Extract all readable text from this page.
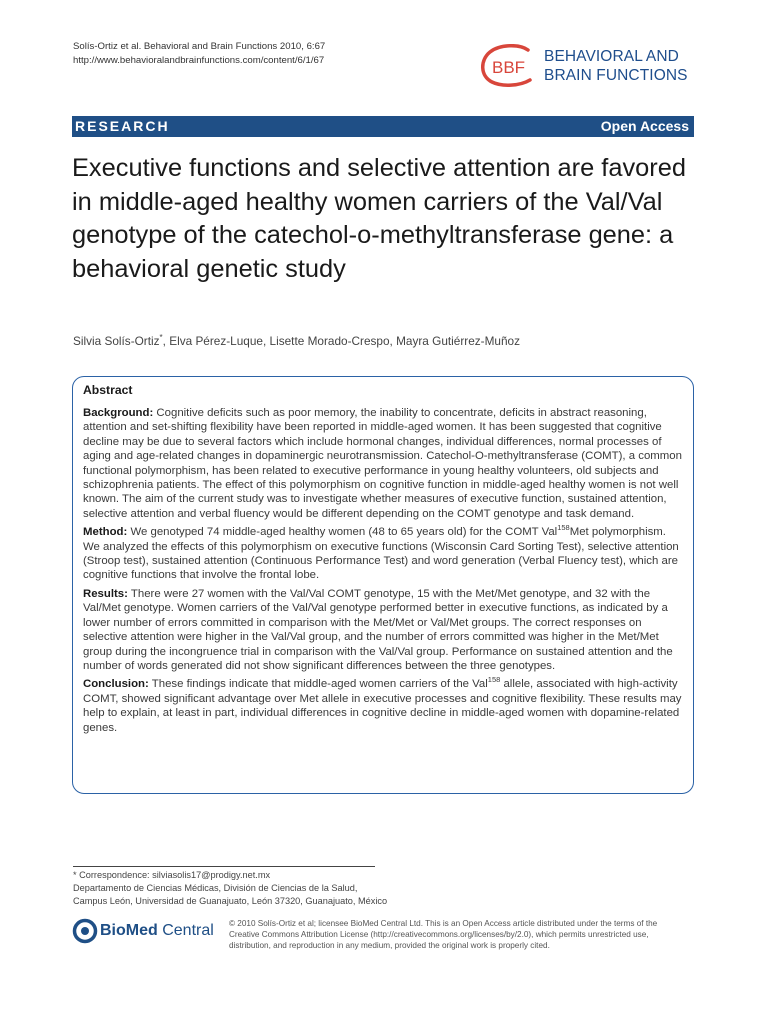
Solís-Ortiz et al. Behavioral and Brain Functions 2010, 6:67
http://www.behavioralandbrainfunctions.com/content/6/1/67	BBF
BEHAVIORAL AND
BRAIN FUNCTIONS
RESEARCH	Open Access
Executive functions and selective attention are favored in middle-aged healthy women carriers of the Val/Val genotype of the catechol-o-methyltransferase gene: a behavioral genetic study
Silvia Solís-Ortiz*, Elva Pérez-Luque, Lisette Morado-Crespo, Mayra Gutiérrez-Muñoz

Abstract

Background: Cognitive deficits such as poor memory, the inability to concentrate, deficits in abstract reasoning, attention and set-shifting flexibility have been reported in middle-aged women. It has been suggested that cognitive decline may be due to several factors which include hormonal changes, individual differences, normal processes of aging and age-related changes in dopaminergic neurotransmission. Catechol-O-methyltransferase (COMT), a common functional polymorphism, has been related to executive performance in young healthy volunteers, old subjects and schizophrenia patients. The effect of this polymorphism on cognitive function in middle-aged healthy women is not well known. The aim of the current study was to investigate whether measures of executive function, sustained attention, selective attention and verbal fluency would be different depending on the COMT genotype and task demand.

Method: We genotyped 74 middle-aged healthy women (48 to 65 years old) for the COMT Val$^{158}$Met polymorphism. We analyzed the effects of this polymorphism on executive functions (Wisconsin Card Sorting Test), selective attention (Stroop test), sustained attention (Continuous Performance Test) and word generation (Verbal Fluency test), which are cognitive functions that involve the frontal lobe.

Results: There were 27 women with the Val/Val COMT genotype, 15 with the Met/Met genotype, and 32 with the Val/Met genotype. Women carriers of the Val/Val genotype performed better in executive functions, as indicated by a lower number of errors committed in comparison with the Met/Met or Val/Met groups. The correct responses on selective attention were higher in the Val/Val group, and the number of errors committed was higher in the Met/Met group during the incongruence trial in comparison with the Val/Val group. Performance on sustained attention and the number of words generated did not show significant differences between the three genotypes.

Conclusion: These findings indicate that middle-aged women carriers of the Val$^{158}$ allele, associated with high-activity COMT, showed significant advantage over Met allele in executive processes and cognitive flexibility. These results may help to explain, at least in part, individual differences in cognitive decline in middle-aged women with dopamine-related genes.

* Correspondence: silviasolis17@prodigy.net.mx
Departamento de Ciencias Médicas, División de Ciencias de la Salud,
Campus León, Universidad de Guanajuato, León 37320, Guanajuato, México
BioMed Central © 2010 Solís-Ortiz et al; licensee BioMed Central Ltd. This is an Open Access article distributed under the terms of the Creative Commons Attribution License (http://creativecommons.org/licenses/by/2.0), which permits unrestricted use, distribution, and reproduction in any medium, provided the original work is properly cited.
